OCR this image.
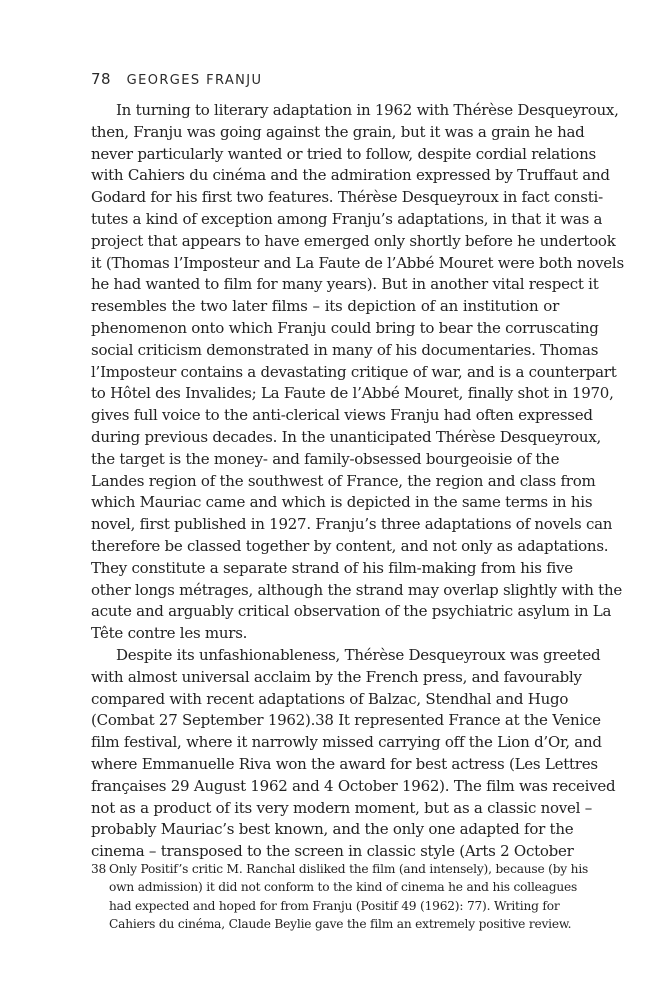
78 GEORGES FRANJU
In turning to literary adaptation in 1962 with Thérèse Desqueyroux,
then, Franju was going against the grain, but it was a grain he had
never particularly wanted or tried to follow, despite cordial relations
with Cahiers du cinéma and the admiration expressed by Truffaut and
Godard for his first two features. Thérèse Desqueyroux in fact consti-
tutes a kind of exception among Franju’s adaptations, in that it was a
project that appears to have emerged only shortly before he undertook
it (Thomas l’Imposteur and La Faute de l’Abbé Mouret were both novels
he had wanted to film for many years). But in another vital respect it
resembles the two later films – its depiction of an institution or
phenomenon onto which Franju could bring to bear the corruscating
social criticism demonstrated in many of his documentaries. Thomas
l’Imposteur contains a devastating critique of war, and is a counterpart
to Hôtel des Invalides; La Faute de l’Abbé Mouret, finally shot in 1970,
gives full voice to the anti-clerical views Franju had often expressed
during previous decades. In the unanticipated Thérèse Desqueyroux,
the target is the money- and family-obsessed bourgeoisie of the
Landes region of the southwest of France, the region and class from
which Mauriac came and which is depicted in the same terms in his
novel, first published in 1927. Franju’s three adaptations of novels can
therefore be classed together by content, and not only as adaptations.
They constitute a separate strand of his film-making from his five
other longs métrages, although the strand may overlap slightly with the
acute and arguably critical observation of the psychiatric asylum in La
Tête contre les murs.
Despite its unfashionableness, Thérèse Desqueyroux was greeted
with almost universal acclaim by the French press, and favourably
compared with recent adaptations of Balzac, Stendhal and Hugo
(Combat 27 September 1962).38 It represented France at the Venice
film festival, where it narrowly missed carrying off the Lion d’Or, and
where Emmanuelle Riva won the award for best actress (Les Lettres
françaises 29 August 1962 and 4 October 1962). The film was received
not as a product of its very modern moment, but as a classic novel –
probably Mauriac’s best known, and the only one adapted for the
cinema – transposed to the screen in classic style (Arts 2 October
38 Only Positif’s critic M. Ranchal disliked the film (and intensely), because (by his
own admission) it did not conform to the kind of cinema he and his colleagues
had expected and hoped for from Franju (Positif 49 (1962): 77). Writing for
Cahiers du cinéma, Claude Beylie gave the film an extremely positive review.
